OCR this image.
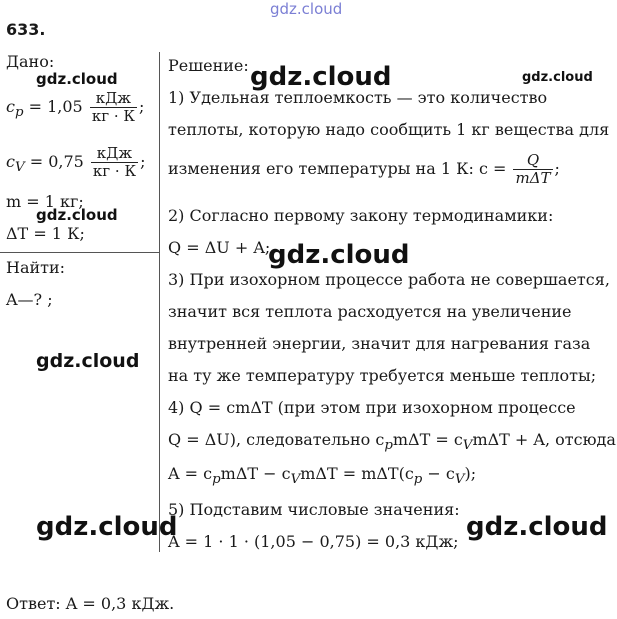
gdz.cloud
633.
Дано:
gdz.cloud
$c_p = 1,05 \frac{\text{кДж}}{кг \cdot К}$ ;
$c_V = 0,75 \frac{\text{кДж}}{кг \cdot К}$ ;
m = 1 кг;
gdz.cloud
ΔT = 1 К;
Найти:
A—? ;
gdz.cloud
Решение: gdz.cloud	gdz.cloud
1) Удельная теплоемкость — это количество
теплоты, которую надо сообщить 1 кг вещества для
изменения его температуры на 1 К: $c = \frac{Q}{\text{mΔT}}$ ;
2) Согласно первому закону термодинамики:
Q = ΔU + A;
gdz.cloud
3) При изохорном процессе работа не совершается,
значит вся теплота расходуется на увеличение
внутренней энергии, значит для нагревания газа
на ту же температуру требуется меньше теплоты;
4) Q = cmΔT (при этом при изохорном процессе
Q = ΔU), следовательно $c_pm\Delta T = c_Vm\Delta T + A$, отсюда
$A = c_pm\Delta T - c_Vm\Delta T = m\Delta T(c_p - c_V)$;
5) Подставим числовые значения:
A = 1 · 1 · (1,05 − 0,75) = 0,3 кДж;
gdz.cloud	gdz.cloud
Ответ: A = 0,3 кДж.
